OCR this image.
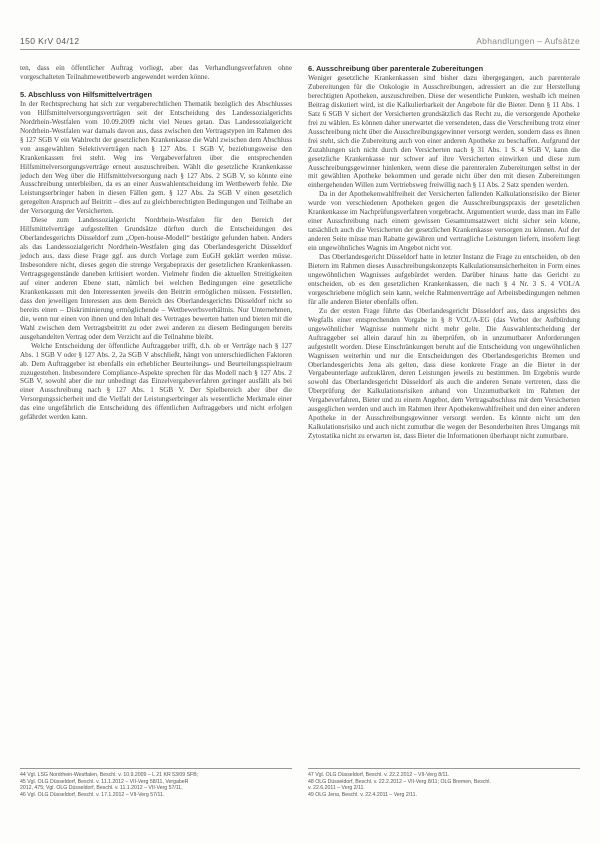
150 KrV 04/12	Abhandlungen – Aufsätze

ten, dass ein öffentlicher Auftrag vorliegt, aber das Verhandlungsverfahren ohne vorgeschalteten Teilnahmewettbewerb angewendet werden könne.

5. Abschluss von Hilfsmittelverträgen

In der Rechtsprechung hat sich zur vergaberechtlichen Thematik bezüglich des Abschlusses von Hilfsmittelversorgungsverträgen seit der Entscheidung des Landessozialgerichts Nordrhein-Westfalen vom 10.09.2009 nicht viel Neues getan. Das Landessozialgericht Nordrhein-Westfalen war damals davon aus, dass zwischen den Vertragstypen im Rahmen des § 127 SGB V ein Wahlrecht der gesetzlichen Krankenkasse die Wahl zwischen dem Abschluss von ausgewählten Selektivverträgen nach § 127 Abs. 1 SGB V, beziehungsweise den Krankenkassen frei steht. Weg ins Vergabeverfahren über die entsprechenden Hilfsmittelversorgungsverträge erneut auszuschreiben. Wählt die gesetzliche Krankenkasse jedoch den Weg über die Hilfsmittelversorgung nach § 127 Abs. 2 SGB V, so könnte eine Ausschreibung unterbleiben, da es an einer Auswahlentscheidung im Wettbewerb fehle. Die Leistungserbringer haben in diesen Fällen gem. § 127 Abs. 2a SGB V einen gesetzlich geregelten Anspruch auf Beitritt – dies auf zu gleichberechtigten Bedingungen und Teilhabe an der Versorgung der Versicherten.

Diese zum Landessozialgericht Nordrhein-Westfalen für den Bereich der Hilfsmittelverträge aufgestellten Grundsätze dürften durch die Entscheidungen des Oberlandesgerichts Düsseldorf zum „Open-house-Modell“ bestätigte gefunden haben. Anders als das Landessozialgericht Nordrhein-Westfalen ging das Oberlandesgericht Düsseldorf jedoch aus, dass diese Frage ggf. aus durch Vorlage zum EuGH geklärt werden müsse. Insbesondere nicht, dieses gegen die strenge Vergabepraxis der gesetzlichen Krankenkassen. Vertragsgegenstände daneben kritisiert worden. Vielmehr finden die aktuellen Streitigkeiten auf einer anderen Ebene statt, nämlich bei welchen Bedingungen eine gesetzliche Krankenkassen mit den Interessenten jeweils den Beitritt ermöglichen müssen. Feststellen, dass den jeweiligen Interessen aus dem Bereich des Oberlandesgerichts Düsseldorf nicht so bereits einen – Diskriminierung ermöglichende – Wettbewerbsverhältnis. Nur Unternehmen, die, wenn nur einen von ihnen und den Inhalt des Vertrages bewerten hatten und bieten mit die Wahl zwischen dem Vertragsbeitritt zu oder zwei anderen zu diesem Bedingungen bereits ausgehandelten Vertrag oder dem Verzicht auf die Teilnahme bleibt.

Welche Entscheidung der öffentliche Auftraggeber trifft, d.h. ob er Verträge nach § 127 Abs. 1 SGB V oder § 127 Abs. 2, 2a SGB V abschließt, hängt von unterschiedlichen Faktoren ab. Dem Auftraggeber ist ebenfalls ein erheblicher Beurteilungs- und Beurteilungsspielraum zuzugestehen. Insbesondere Compliance-Aspekte sprechen für das Modell nach § 127 Abs. 2 SGB V, sowohl aber die nur unbedingt das Einzelvergabeverfahren geringer ausfällt als bei einer Ausschreibung nach § 127 Abs. 1 SGB V. Der Spielbereich aber über die Versorgungssicherheit und die Vielfalt der Leistungserbringer als wesentliche Merkmale einer das eine ungefährlich die Entscheidung des öffentlichen Auftraggebers und nicht erfolgen gefährdet werden kann.

6. Ausschreibung über parenterale Zubereitungen

Weniger gesetzliche Krankenkassen sind bisher dazu übergegangen, auch parenterale Zubereitungen für die Onkologie in Ausschreibungen, adressiert an die zur Herstellung berechtigten Apotheken, auszuschreiben. Diese der wesentliche Punkten, weshalb ich meinen Beitrag diskutiert wird, ist die Kalkulierbarkeit der Angebote für die Bieter. Denn § 11 Abs. 1 Satz 6 SGB V sichert der Versicherten grundsätzlich das Recht zu, die versorgende Apotheke frei zu wählen. Es können daher unerwartet die versendeten, dass die Verschreibung trotz einer Ausschreibung nicht über die Ausschreibungsgewinner versorgt werden, sondern dass es ihnen frei steht, sich die Zubereitung auch von einer anderen Apotheke zu beschaffen. Aufgrund der Zuzahlungen sich nicht durch den Versicherten nach § 31 Abs. 1 S. 4 SGB V, kann die gesetzliche Krankenkasse nur schwer auf ihre Versicherten einwirken und diese zum Ausschreibungsgewinner hinlenken, wenn diese die parenteralen Zubereitungen selbst in der mit gewählten Apotheke bekommen und gerade nicht über den mit diesen Zubereitungen einhergehenden Willen zum Vertriebsweg freiwillig nach § 11 Abs. 2 Satz spenden werden.

Da in der Apothekenwahlfreiheit der Versicherten fallenden Kalkulationsrisiko der Bieter wurde von verschiedenen Apotheken gegen die Ausschreibungspraxis der gesetzlichen Krankenkasse im Nachprüfungsverfahren vorgebracht. Argumentiert wurde, dass man im Falle einer Ausschreibung nach einem gewissen Gesamtumsatzwert nicht sicher sein könne, tatsächlich auch die Versicherten der gesetzlichen Krankenkasse versorgen zu können. Auf der anderen Seite müsse man Rabatte gewähren und vertragliche Leistungen liefern, insofern liegt ein ungewöhnliches Wagnis im Angebot nicht vor.

Das Oberlandesgericht Düsseldorf hatte in letzter Instanz die Frage zu entscheiden, ob den Bietern im Rahmen dieses Ausschreibungskonzepts Kalkulationsunsicherheiten in Form eines ungewöhnlichen Wagnisses aufgebürdet werden. Darüber hinaus hatte das Gericht zu entscheiden, ob es den gesetzlichen Krankenkassen, die nach § 4 Nr. 3 S. 4 VOL/A vorgeschriebene möglich sein kann, welche Rahmenverträge auf Arbeitsbedingungen nehmen für alle anderen Bieter ebenfalls offen.

Zu der ersten Frage führte das Oberlandesgericht Düsseldorf aus, dass angesichts des Wegfalls einer entsprechenden Vorgabe in § 8 VOL/A-EG (das Verbot der Aufbürdung ungewöhnlicher Wagnisse nunmehr nicht mehr gelte. Die Auswahlentscheidung der Auftraggeber sei allein darauf hin zu überprüfen, ob in unzumutbarer Anforderungen aufgestellt worden. Diese Einschränkungen beruht auf die Entscheidung von ungewöhnlichen Wagnissen weiterhin und nur die Entscheidungen des Oberlandesgerichts Bremen und Oberlandesgerichts Jena als gelten, dass diese konkrete Frage an die Bieter in der Vergabeunterlage aufzuklären, deren Leistungen jeweils zu bestimmen. Im Ergebnis wurde sowohl das Oberlandesgericht Düsseldorf als auch die anderen Senate vertreten, dass die Überprüfung der Kalkulationsrisiken anhand von Unzumutbarkeit im Rahmen der Vergabeverfahren, Bieter und zu einem Angebot, dem Vertragsabschluss mit dem Versicherten ausgeglichen werden und auch im Rahmen ihrer Apothekenwahlfreiheit und den einer anderen Apotheke in der Ausschreibungsgewinner versorgt werden. Es könnte nicht um den Kalkulationsrisiko und auch nicht zumutbar die wegen der Besonderheiten ihres Umgangs mit Zytostatika nicht zu erwarten ist, dass Bieter die Informationen überhaupt nicht zumutbare.

44 Vgl. LSG Nordrhein-Westfalen, Beschl. v. 10.9.2009 – L 21 KR 53/09 SFB;
45 Vgl. OLG Düsseldorf, Beschl. v. 11.1.2012 – VII-Verg 58/11, VergabeR
2012, 475; Vgl. OLG Düsseldorf, Beschl. v. 11.1.2012 – VII-Verg 57/11,
46 Vgl. OLG Düsseldorf, Beschl. v. 17.1.2012 – VII-Verg 57/11.
47 Vgl. OLG Düsseldorf, Beschl. v. 22.2.2012 – VII-Verg 8/11.
48 OLG Düsseldorf, Beschl. v. 22.2.2012 – VII-Verg 8/11; OLG Bremen, Beschl.
v. 22.6.2011 – Verg 2/11.
49 OLG Jena, Beschl. v. 22.4.2011 – Verg 2/11.
